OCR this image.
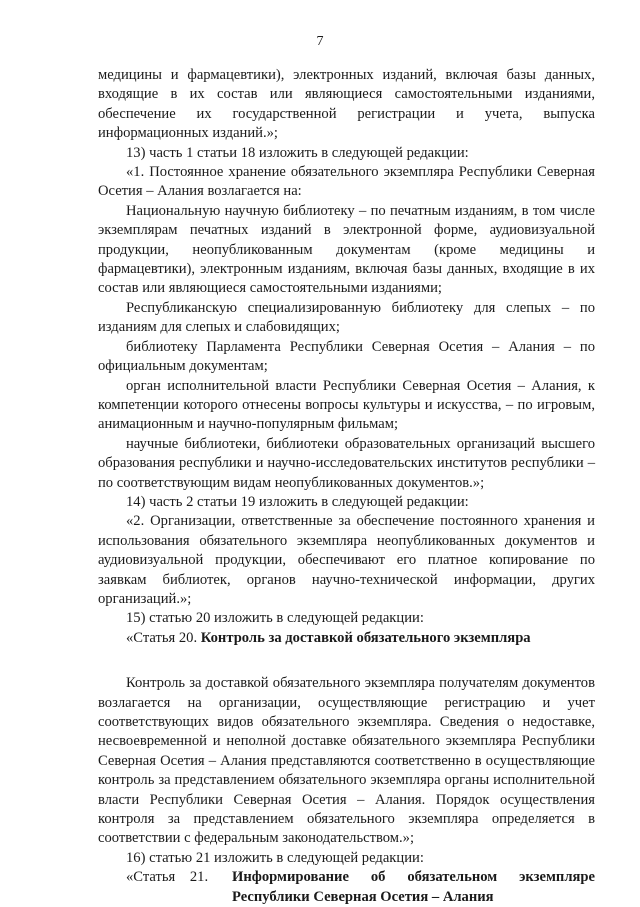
7

медицины и фармацевтики), электронных изданий, включая базы данных, входящие в их состав или являющиеся самостоятельными изданиями, обеспечение их государственной регистрации и учета, выпуска информационных изданий.»;

13) часть 1 статьи 18 изложить в следующей редакции:

«1. Постоянное хранение обязательного экземпляра Республики Северная Осетия – Алания возлагается на:

Национальную научную библиотеку – по печатным изданиям, в том числе экземплярам печатных изданий в электронной форме, аудиовизуальной продукции, неопубликованным документам (кроме медицины и фармацевтики), электронным изданиям, включая базы данных, входящие в их состав или являющиеся самостоятельными изданиями;

Республиканскую специализированную библиотеку для слепых – по изданиям для слепых и слабовидящих;

библиотеку Парламента Республики Северная Осетия – Алания – по официальным документам;

орган исполнительной власти Республики Северная Осетия – Алания, к компетенции которого отнесены вопросы культуры и искусства, – по игровым, анимационным и научно-популярным фильмам;

научные библиотеки, библиотеки образовательных организаций высшего образования республики и научно-исследовательских институтов республики – по соответствующим видам неопубликованных документов.»;

14) часть 2 статьи 19 изложить в следующей редакции:

«2. Организации, ответственные за обеспечение постоянного хранения и использования обязательного экземпляра неопубликованных документов и аудиовизуальной продукции, обеспечивают его платное копирование по заявкам библиотек, органов научно-технической информации, других организаций.»;

15) статью 20 изложить в следующей редакции:

«Статья 20. Контроль за доставкой обязательного экземпляра

Контроль за доставкой обязательного экземпляра получателям документов возлагается на организации, осуществляющие регистрацию и учет соответствующих видов обязательного экземпляра. Сведения о недоставке, несвоевременной и неполной доставке обязательного экземпляра Республики Северная Осетия – Алания представляются соответственно в осуществляющие контроль за представлением обязательного экземпляра органы исполнительной власти Республики Северная Осетия – Алания. Порядок осуществления контроля за представлением обязательного экземпляра определяется в соответствии с федеральным законодательством.»;

16) статью 21 изложить в следующей редакции:

«Статья 21.	Информирование об обязательном экземпляре Республики Северная Осетия – Алания
